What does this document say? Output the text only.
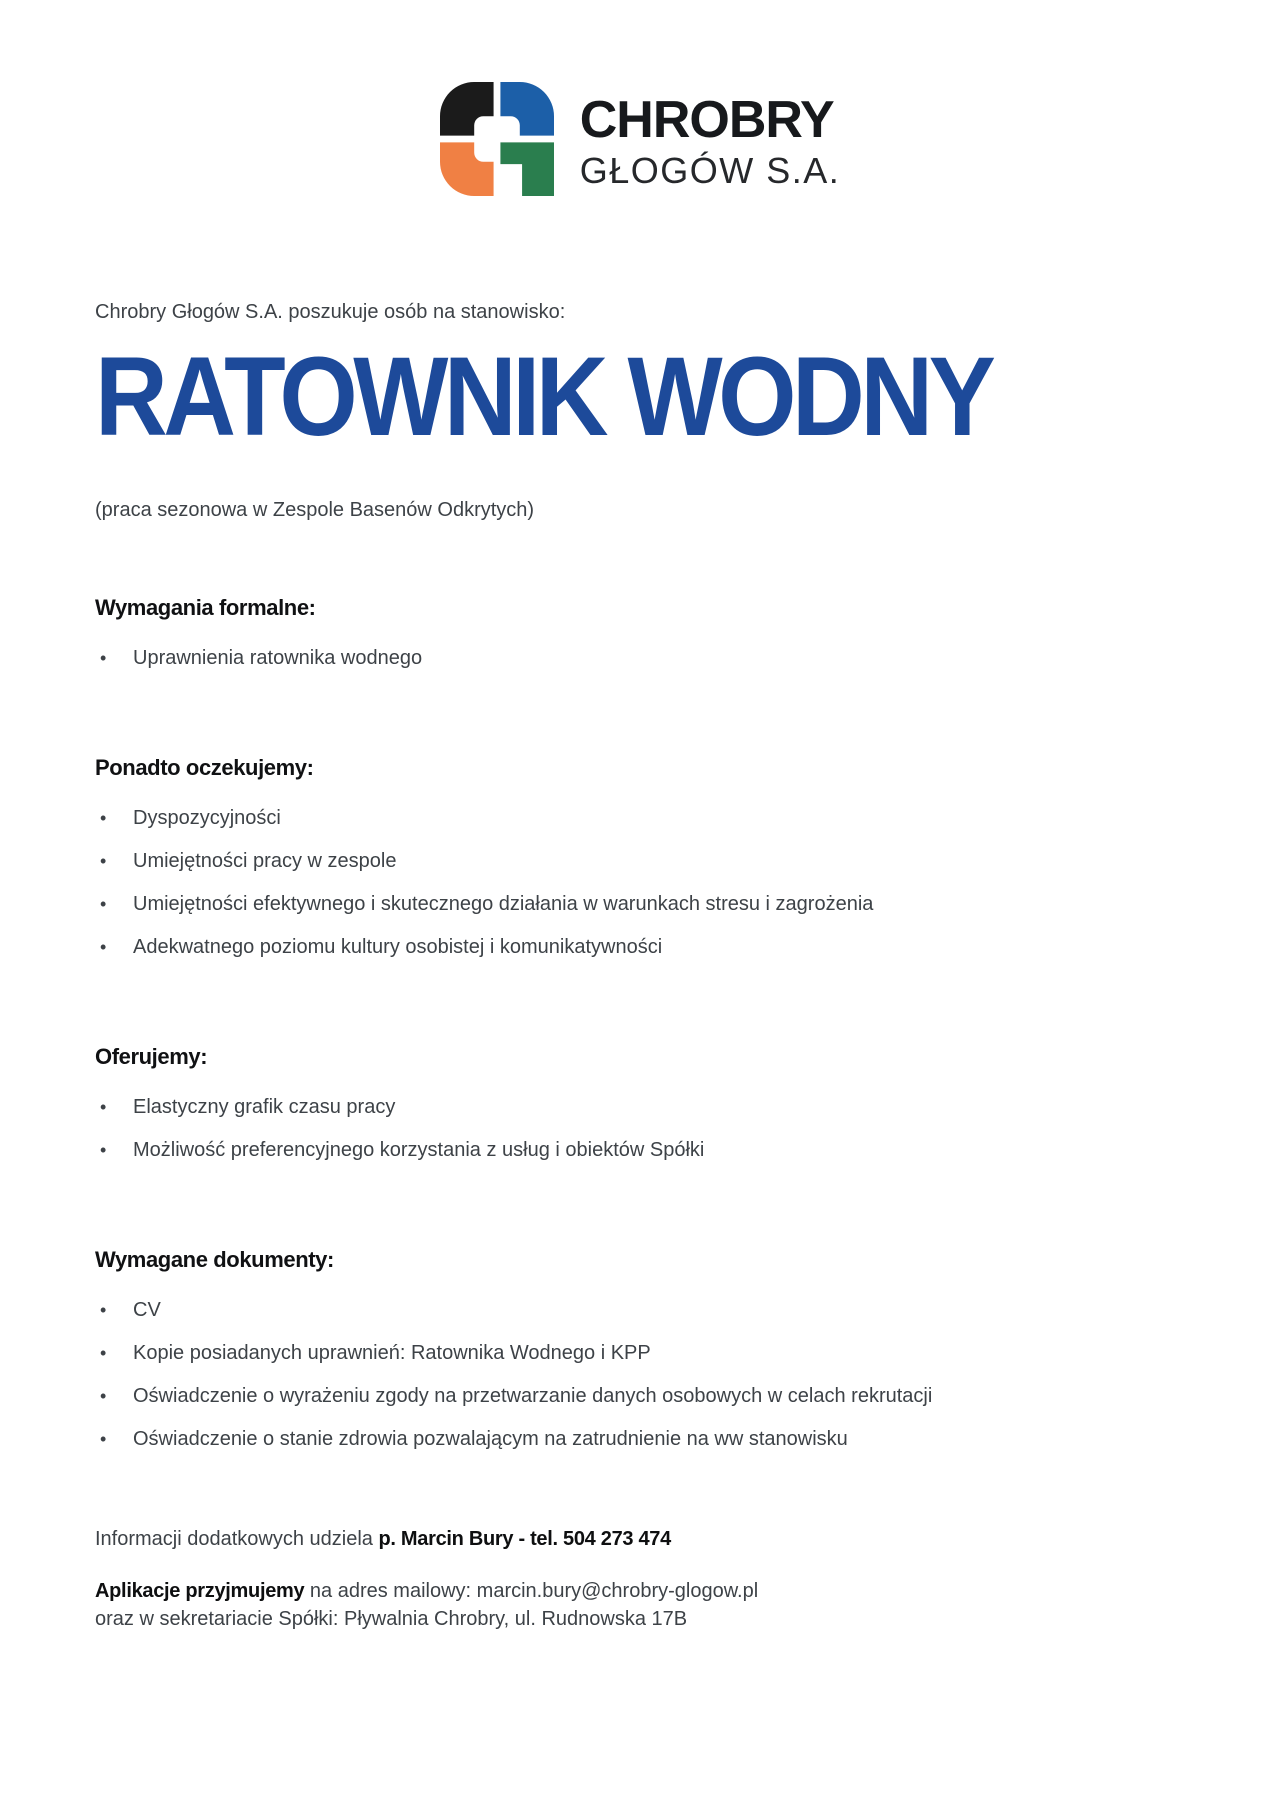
CHROBRY
GŁOGÓW S.A.

Chrobry Głogów S.A. poszukuje osób na stanowisko:

RATOWNIK WODNY

(praca sezonowa w Zespole Basenów Odkrytych)

Wymagania formalne:
•	Uprawnienia ratownika wodnego
Ponadto oczekujemy:
•	Dyspozycyjności
•	Umiejętności pracy w zespole
•	Umiejętności efektywnego i skutecznego działania w warunkach stresu i zagrożenia
•	Adekwatnego poziomu kultury osobistej i komunikatywności
Oferujemy:
•	Elastyczny grafik czasu pracy
•	Możliwość preferencyjnego korzystania z usług i obiektów Spółki
Wymagane dokumenty:
•	CV
•	Kopie posiadanych uprawnień: Ratownika Wodnego i KPP
•	Oświadczenie o wyrażeniu zgody na przetwarzanie danych osobowych w celach rekrutacji
•	Oświadczenie o stanie zdrowia pozwalającym na zatrudnienie na ww stanowisku

Informacji dodatkowych udziela p. Marcin Bury - tel. 504 273 474

Aplikacje przyjmujemy na adres mailowy: marcin.bury@chrobry-glogow.pl
oraz w sekretariacie Spółki: Pływalnia Chrobry, ul. Rudnowska 17B
